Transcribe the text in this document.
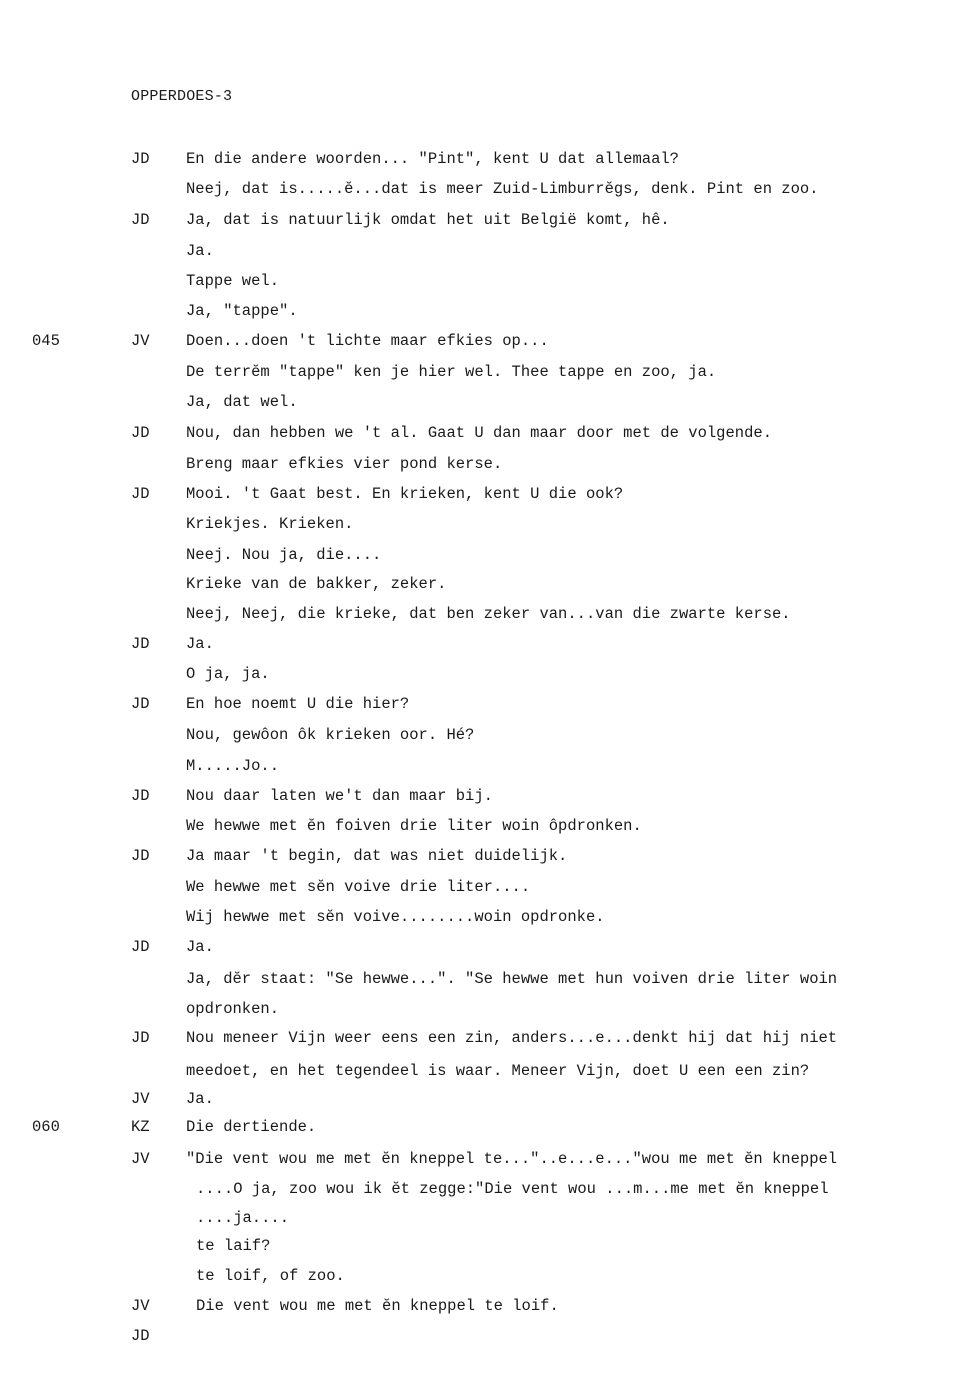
OPPERDOES-3
JD En die andere woorden... "Pint", kent U dat allemaal?
Neej, dat is.....ĕ...dat is meer Zuid-Limburrĕgs, denk. Pint en zoo.
JD Ja, dat is natuurlijk omdat het uit België komt, hê.
Ja.
Tappe wel.
Ja, "tappe".
045	JV Doen...doen 't lichte maar efkies op...
De terrĕm "tappe" ken je hier wel. Thee tappe en zoo, ja.
Ja, dat wel.
JD Nou, dan hebben we 't al. Gaat U dan maar door met de volgende.
Breng maar efkies vier pond kerse.
JD Mooi. 't Gaat best. En krieken, kent U die ook?
Kriekjes. Krieken.
Neej. Nou ja, die....
Krieke van de bakker, zeker.
Neej, Neej, die krieke, dat ben zeker van...van die zwarte kerse.
JD Ja.
O ja, ja.
JD En hoe noemt U die hier?
Nou, gewôon ôk krieken oor. Hé?
M.....Jo..
JD Nou daar laten we't dan maar bij.
We hewwe met ĕn foiven drie liter woin ôpdronken.
JD Ja maar 't begin, dat was niet duidelijk.
We hewwe met sĕn voive drie liter....
Wij hewwe met sĕn voive........woin opdronke.
JD Ja.
Ja, dĕr staat: "Se hewwe...". "Se hewwe met hun voiven drie liter woin
opdronken.
JD Nou meneer Vijn weer eens een zin, anders...e...denkt hij dat hij niet
meedoet, en het tegendeel is waar. Meneer Vijn, doet U een een zin?
JV Ja.
060	KZ Die dertiende.
JV "Die vent wou me met ĕn kneppel te..."..e...e..."wou me met ĕn kneppel
....O ja, zoo wou ik ĕt zegge:"Die vent wou ...m...me met ĕn kneppel
....ja....
te laif?
te loif, of zoo.
JV	Die vent wou me met ĕn kneppel te loif.
JD
